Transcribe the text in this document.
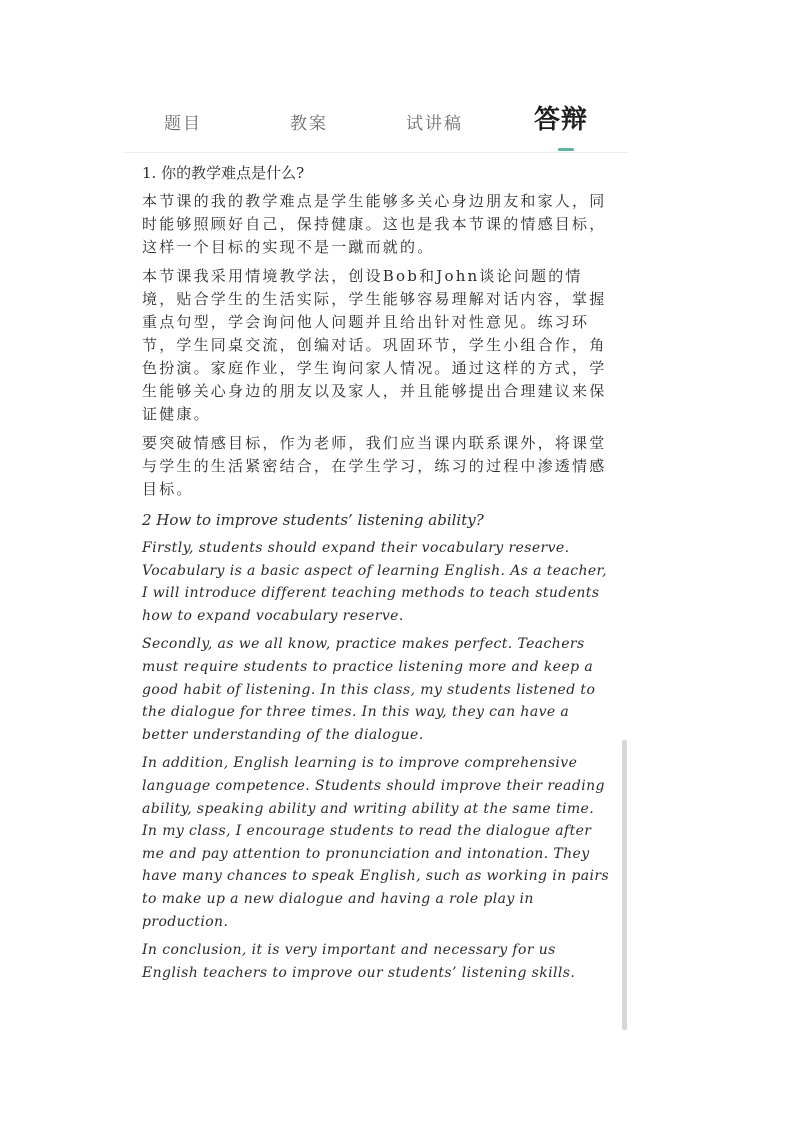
题目	教案	试讲稿	答辩

1. 你的教学难点是什么?

本节课的我的教学难点是学生能够多关心身边朋友和家人，同时能够照顾好自己，保持健康。这也是我本节课的情感目标，这样一个目标的实现不是一蹴而就的。

本节课我采用情境教学法，创设Bob和John谈论问题的情境，贴合学生的生活实际，学生能够容易理解对话内容，掌握重点句型，学会询问他人问题并且给出针对性意见。练习环节，学生同桌交流，创编对话。巩固环节，学生小组合作，角色扮演。家庭作业，学生询问家人情况。通过这样的方式，学生能够关心身边的朋友以及家人，并且能够提出合理建议来保证健康。

要突破情感目标，作为老师，我们应当课内联系课外，将课堂与学生的生活紧密结合，在学生学习，练习的过程中渗透情感目标。

2 How to improve students’ listening ability?

Firstly, students should expand their vocabulary reserve. Vocabulary is a basic aspect of learning English. As a teacher, I will introduce different teaching methods to teach students how to expand vocabulary reserve.

Secondly, as we all know, practice makes perfect. Teachers must require students to practice listening more and keep a good habit of listening. In this class, my students listened to the dialogue for three times. In this way, they can have a better understanding of the dialogue.

In addition, English learning is to improve comprehensive language competence. Students should improve their reading ability, speaking ability and writing ability at the same time. In my class, I encourage students to read the dialogue after me and pay attention to pronunciation and intonation. They have many chances to speak English, such as working in pairs to make up a new dialogue and having a role play in production.

In conclusion, it is very important and necessary for us English teachers to improve our students’ listening skills.
